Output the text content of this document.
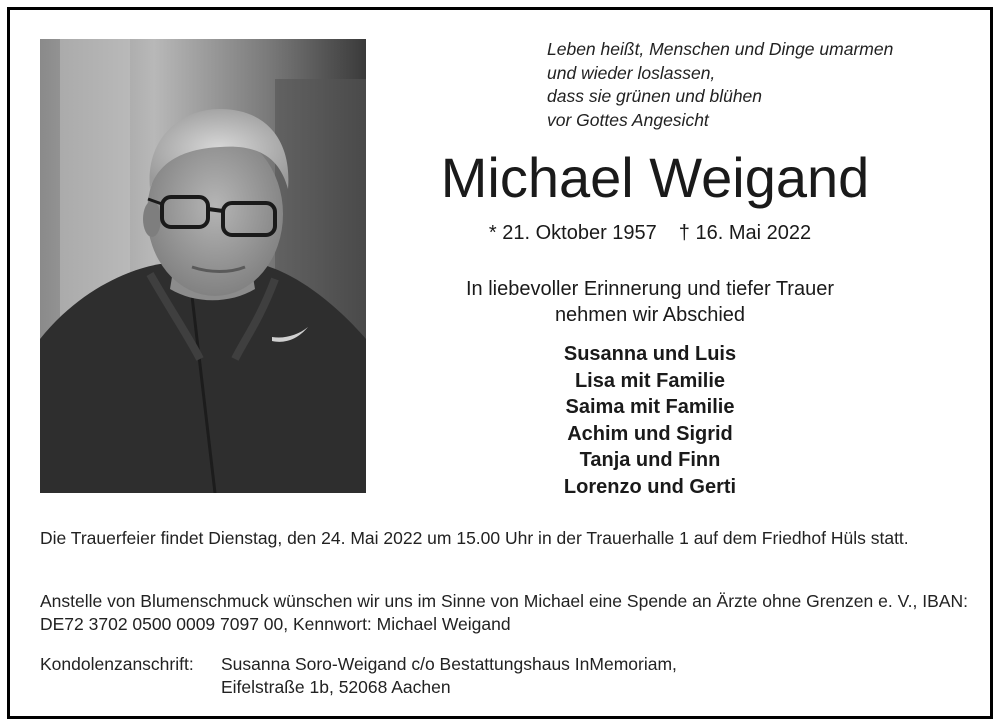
Leben heißt, Menschen und Dinge umarmen
und wieder loslassen,
dass sie grünen und blühen
vor Gottes Angesicht
Michael Weigand
* 21. Oktober 1957 † 16. Mai 2022
In liebevoller Erinnerung und tiefer Trauer
nehmen wir Abschied
Susanna und Luis
Lisa mit Familie
Saima mit Familie
Achim und Sigrid
Tanja und Finn
Lorenzo und Gerti
Die Trauerfeier findet Dienstag, den 24. Mai 2022 um 15.00 Uhr in der Trauerhalle 1 auf dem Friedhof Hüls statt.
Anstelle von Blumenschmuck wünschen wir uns im Sinne von Michael eine Spende an Ärzte ohne Grenzen e. V., IBAN: DE72 3702 0500 0009 7097 00, Kennwort: Michael Weigand
Kondolenzanschrift:	Susanna Soro-Weigand c/o Bestattungshaus InMemoriam,
Eifelstraße 1b, 52068 Aachen
